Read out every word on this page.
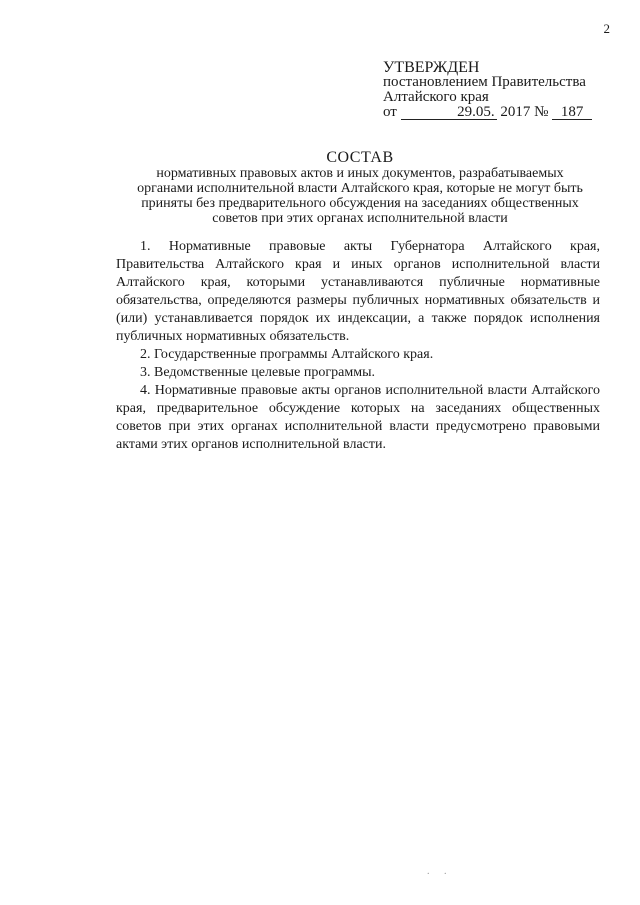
2
УТВЕРЖДЕН
постановлением Правительства
Алтайского края
от	29.05. 2017 № 187
СОСТАВ
нормативных правовых актов и иных документов, разрабатываемых
органами исполнительной власти Алтайского края, которые не могут быть
приняты без предварительного обсуждения на заседаниях общественных
советов при этих органах исполнительной власти

1. Нормативные правовые акты Губернатора Алтайского края, Правительства Алтайского края и иных органов исполнительной власти Алтайского края, которыми устанавливаются публичные нормативные обязательства, определяются размеры публичных нормативных обязательств и (или) устанавливается порядок их индексации, а также порядок исполнения публичных нормативных обязательств.

2. Государственные программы Алтайского края.

3. Ведомственные целевые программы.

4. Нормативные правовые акты органов исполнительной власти Алтайского края, предварительное обсуждение которых на заседаниях общественных советов при этих органах исполнительной власти предусмотрено правовыми актами этих органов исполнительной власти.

. .
